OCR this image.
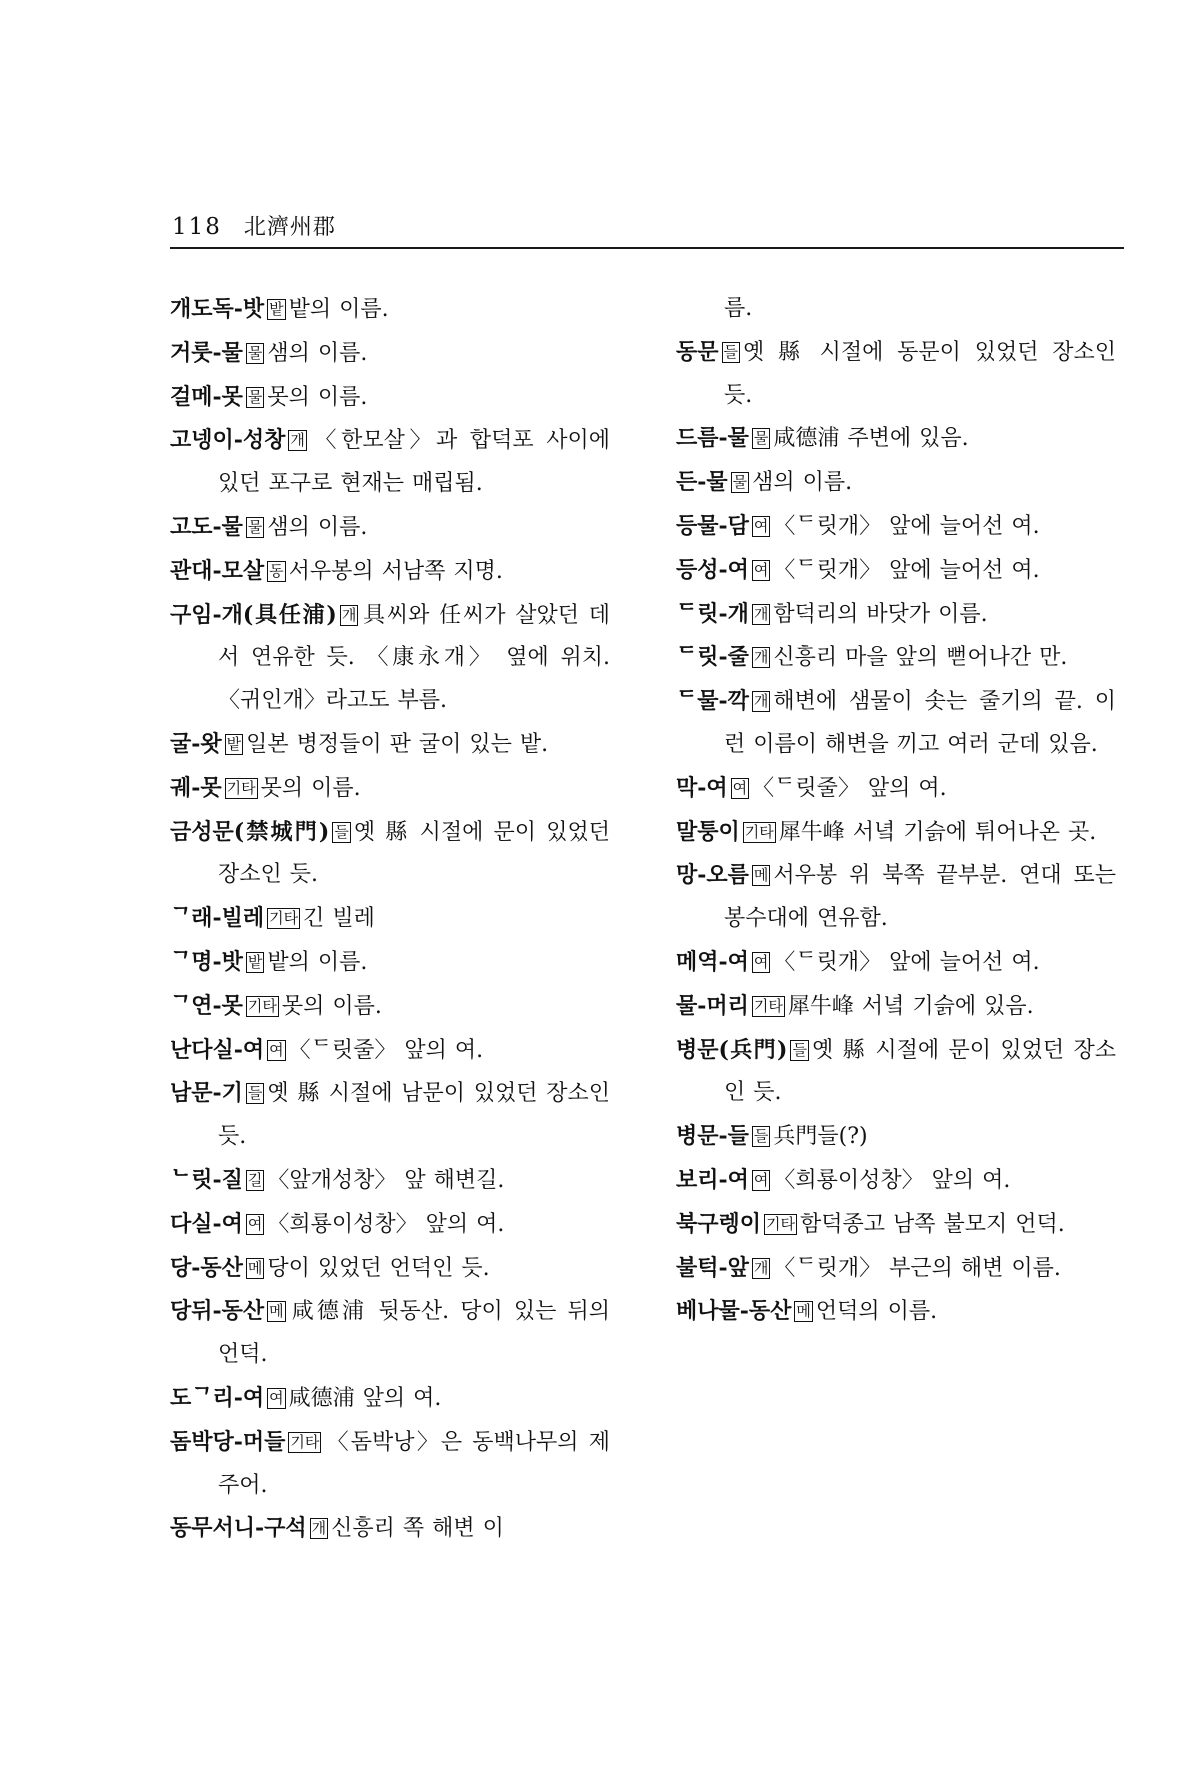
118 北濟州郡
개도독-밧 밭 밭의 이름.
거룻-물 물 샘의 이름.
걸메-못 물 못의 이름.
고넹이-성창 개 〈한모살〉과 합덕포 사이에 있던 포구로 현재는 매립됨.
고도-물 물 샘의 이름.
관대-모살 동 서우봉의 서남쪽 지명.
구임-개(具任浦) 개 具씨와 任씨가 살았던 데서 연유한 듯. 〈康永개〉 옆에 위치. 〈귀인개〉라고도 부름.
굴-왓 밭 일본 병정들이 판 굴이 있는 밭.
궤-못 기타 못의 이름.
금성문(禁城門) 들 옛 縣 시절에 문이 있었던 장소인 듯.
ᄀ래-빌레 기타 긴 빌레
ᄀ명-밧 밭 밭의 이름.
ᄀ연-못 기타 못의 이름.
난다실-여 여 〈ᄃ릿줄〉 앞의 여.
남문-기 들 옛 縣 시절에 남문이 있었던 장소인 듯.
ᄂ릿-질 길 〈앞개성창〉 앞 해변길.
다실-여 여 〈희룡이성창〉 앞의 여.
당-동산 메 당이 있었던 언덕인 듯.
당뒤-동산 메 咸德浦 뒷동산. 당이 있는 뒤의 언덕.
도ᄀ리-여 여 咸德浦 앞의 여.
돔박당-머들 기타 〈돔박낭〉은 동백나무의 제주어.
동무서니-구석 개 신흥리 쪽 해변 이
름.
동문 들 옛 縣 시절에 동문이 있었던 장소인 듯.
드름-물 물 咸德浦 주변에 있음.
든-물 물 샘의 이름.
등물-담 여 〈ᄃ릿개〉 앞에 늘어선 여.
등성-여 여 〈ᄃ릿개〉 앞에 늘어선 여.
ᄃ릿-개 개 함덕리의 바닷가 이름.
ᄃ릿-줄 개 신흥리 마을 앞의 뻗어나간 만.
ᄃ물-깍 개 해변에 샘물이 솟는 줄기의 끝. 이런 이름이 해변을 끼고 여러 군데 있음.
막-여 여 〈ᄃ릿줄〉 앞의 여.
말퉁이 기타 犀牛峰 서녘 기슭에 튀어나온 곳.
망-오름 메 서우봉 위 북쪽 끝부분. 연대 또는 봉수대에 연유함.
메역-여 여 〈ᄃ릿개〉 앞에 늘어선 여.
물-머리 기타 犀牛峰 서녘 기슭에 있음.
병문(兵門) 들 옛 縣 시절에 문이 있었던 장소인 듯.
병문-들 들 兵門들(?)
보리-여 여 〈희룡이성창〉 앞의 여.
북구렝이 기타 함덕종고 남쪽 불모지 언덕.
불턱-앞 개 〈ᄃ릿개〉 부근의 해변 이름.
베나물-동산 메 언덕의 이름.
